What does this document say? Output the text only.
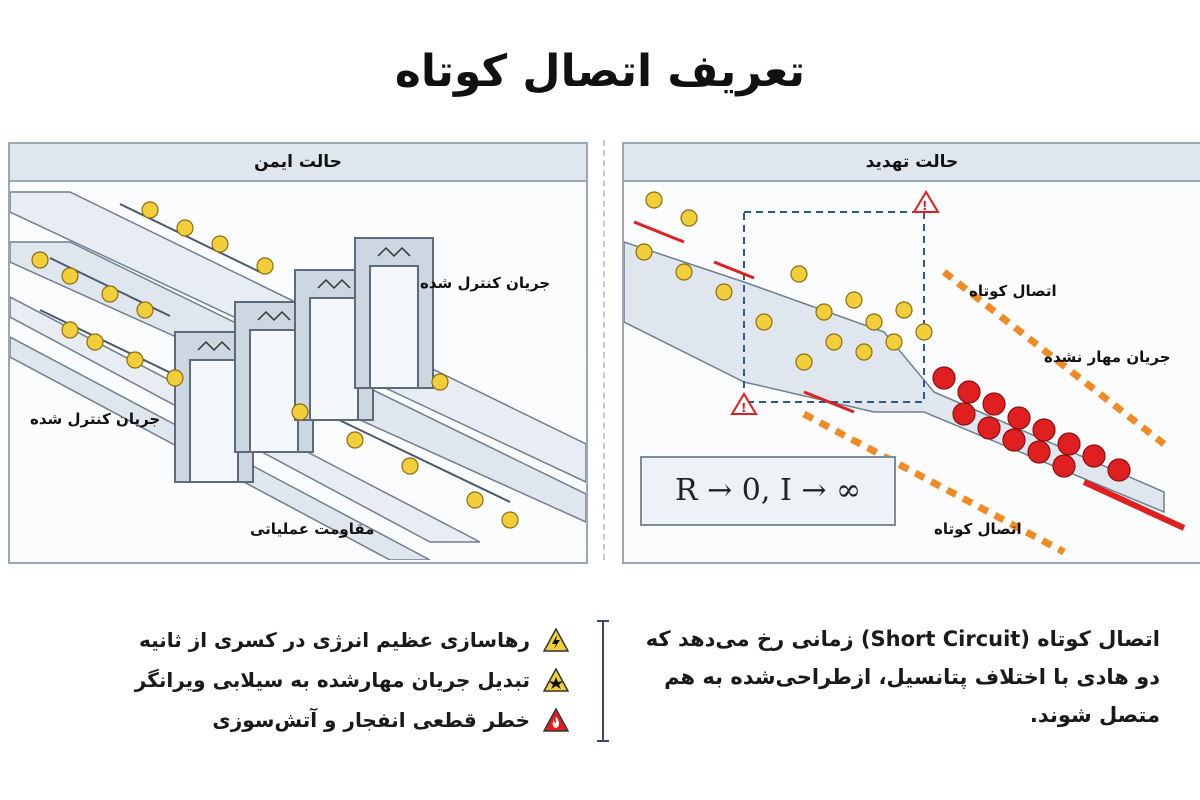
تعریف اتصال کوتاه
حالت ایمن
جریان کنترل شده
جریان کنترل شده
مقاومت عملیاتی
حالت تهدید
!
!
اتصال کوتاه
جریان مهار نشده
اتصال کوتاه
R → 0, I → ∞
اتصال کوتاه (Short Circuit) زمانی رخ می‌دهد که دو هادی با اختلاف پتانسیل، ازطراحی‌شده به هم متصل شوند.
رهاسازی عظیم انرژی در کسری از ثانیه
تبدیل جریان مهارشده به سیلابی ویرانگر
خطر قطعی انفجار و آتش‌سوزی
